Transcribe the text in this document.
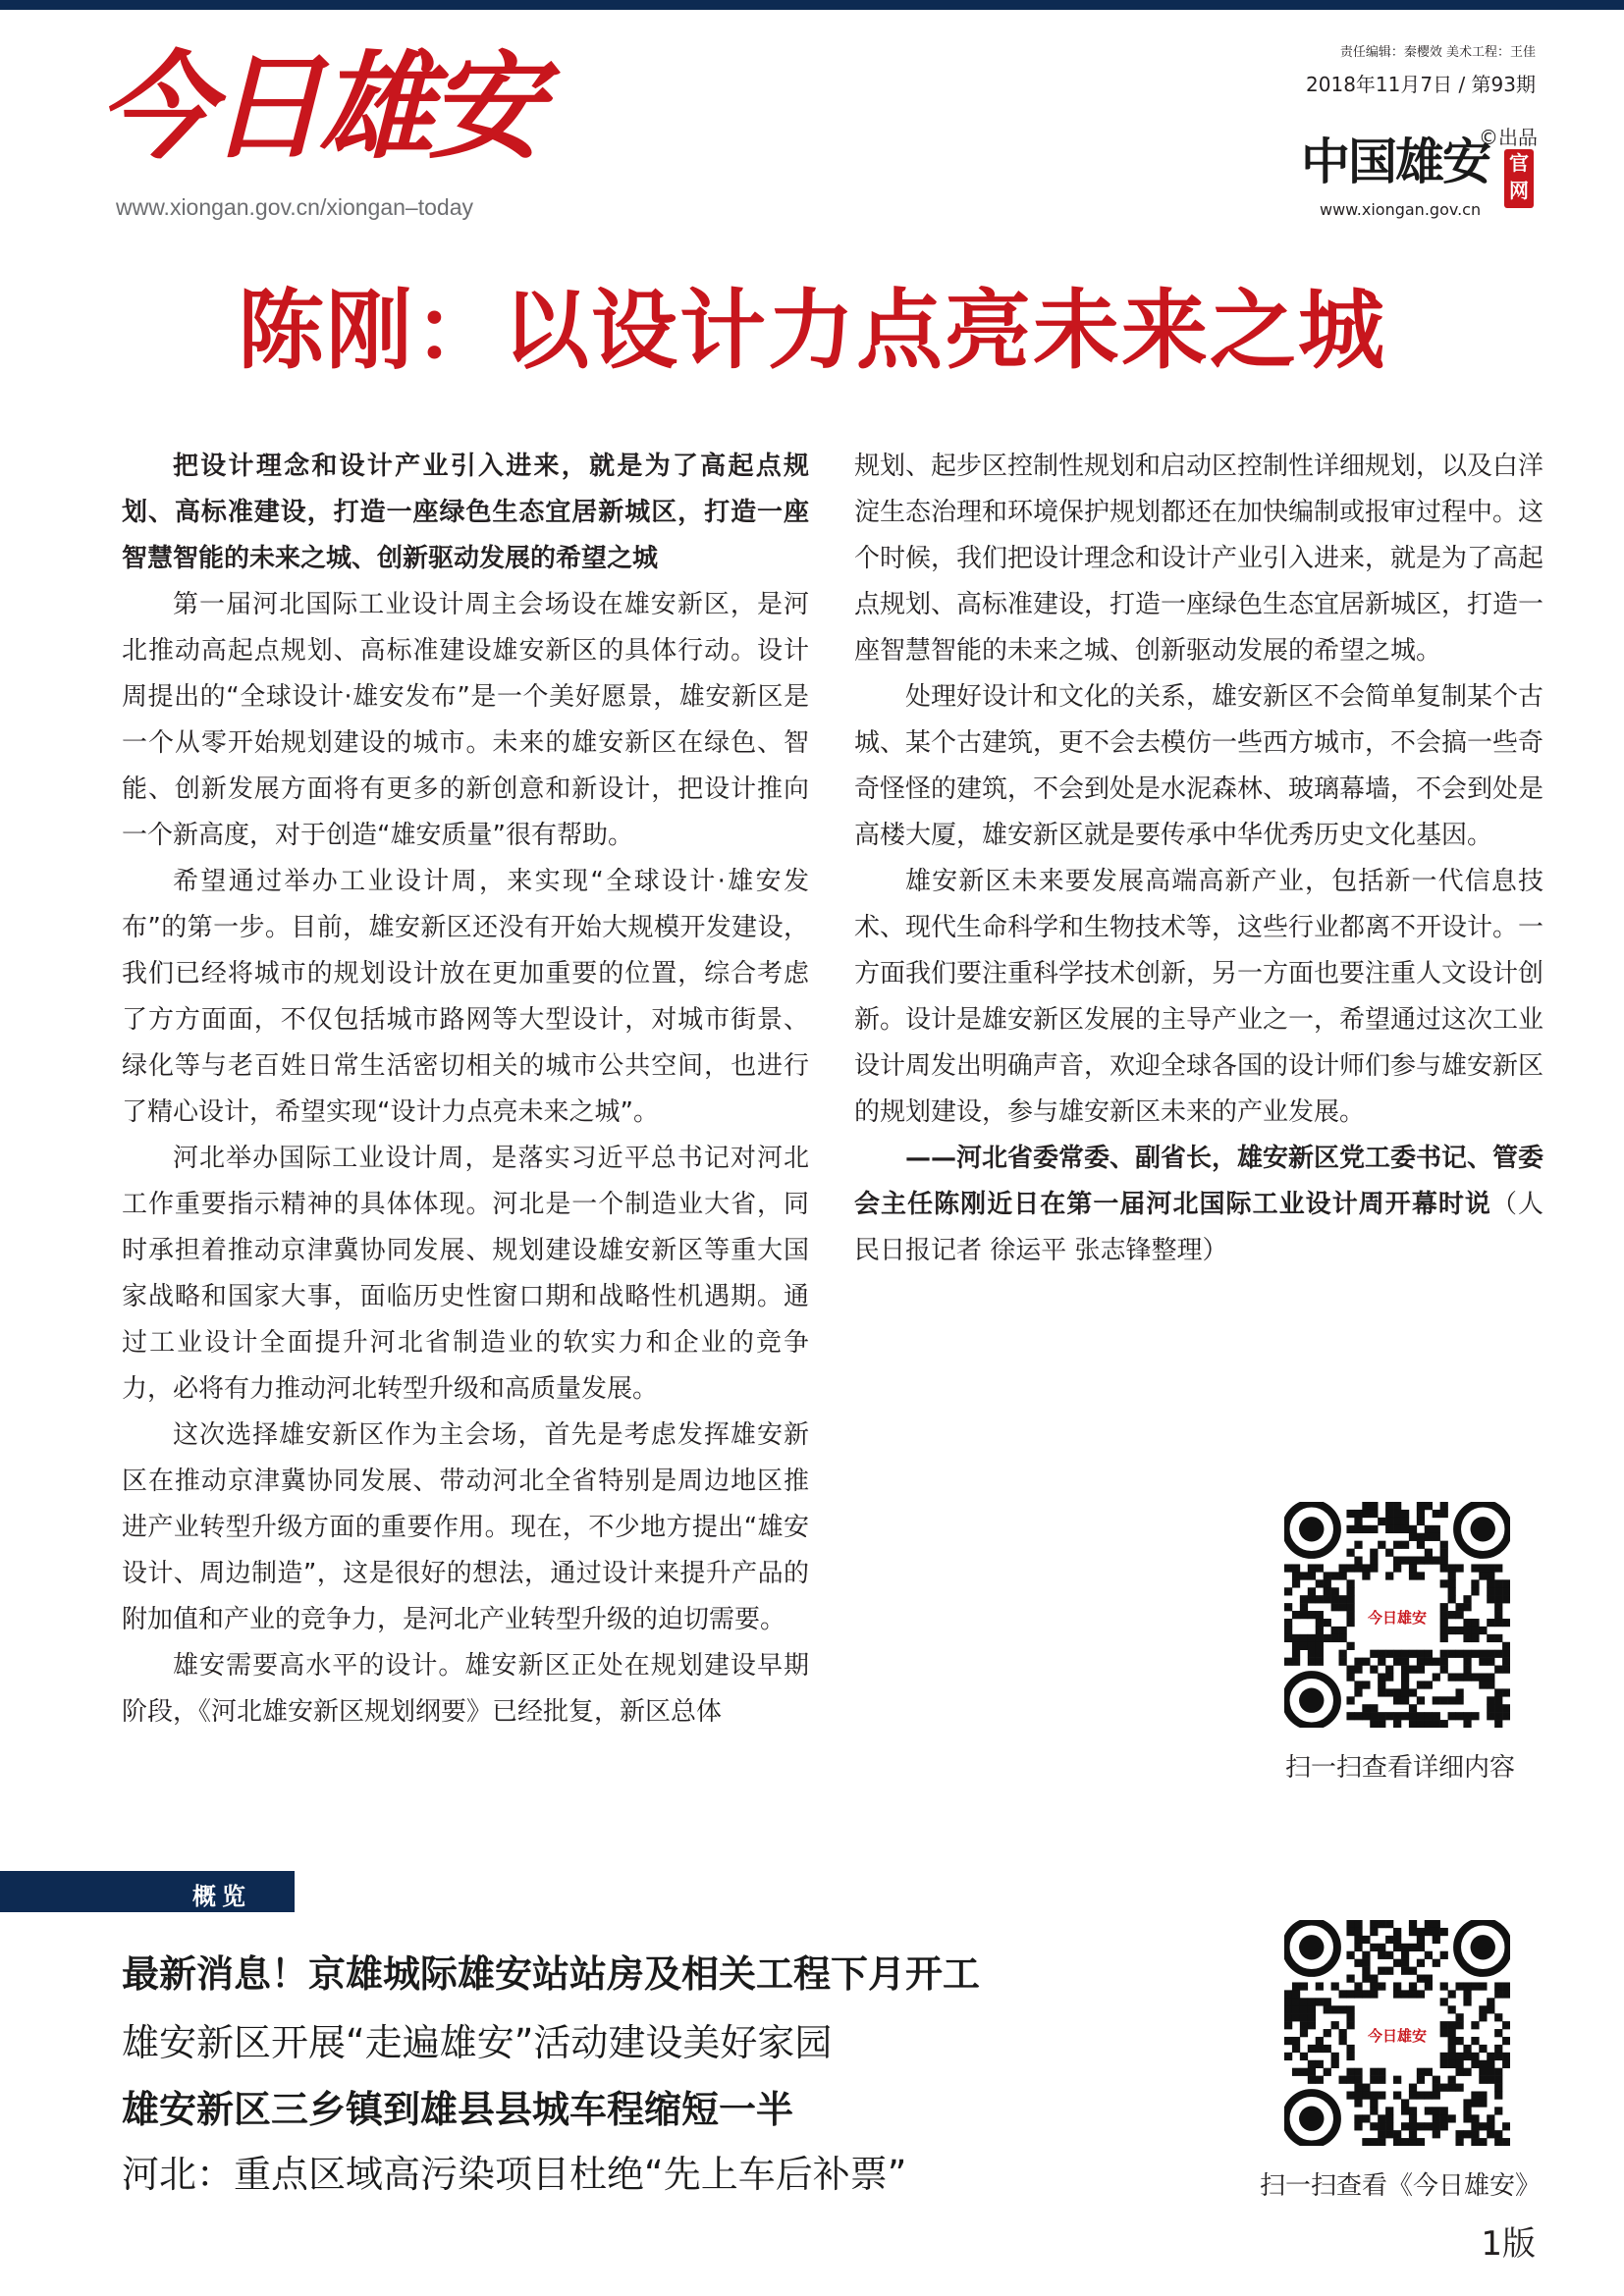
今日雄安
www.xiongan.gov.cn/xiongan–today
责任编辑：秦樱效 美术工程：王佳
2018年11月7日 / 第93期
©出品
中国雄安 官网
www.xiongan.gov.cn
陈刚：以设计力点亮未来之城

把设计理念和设计产业引入进来，就是为了高起点规划、高标准建设，打造一座绿色生态宜居新城区，打造一座智慧智能的未来之城、创新驱动发展的希望之城

第一届河北国际工业设计周主会场设在雄安新区，是河北推动高起点规划、高标准建设雄安新区的具体行动。设计周提出的“全球设计·雄安发布”是一个美好愿景，雄安新区是一个从零开始规划建设的城市。未来的雄安新区在绿色、智能、创新发展方面将有更多的新创意和新设计，把设计推向一个新高度，对于创造“雄安质量”很有帮助。

希望通过举办工业设计周，来实现“全球设计·雄安发布”的第一步。目前，雄安新区还没有开始大规模开发建设，我们已经将城市的规划设计放在更加重要的位置，综合考虑了方方面面，不仅包括城市路网等大型设计，对城市街景、绿化等与老百姓日常生活密切相关的城市公共空间，也进行了精心设计，希望实现“设计力点亮未来之城”。

河北举办国际工业设计周，是落实习近平总书记对河北工作重要指示精神的具体体现。河北是一个制造业大省，同时承担着推动京津冀协同发展、规划建设雄安新区等重大国家战略和国家大事，面临历史性窗口期和战略性机遇期。通过工业设计全面提升河北省制造业的软实力和企业的竞争力，必将有力推动河北转型升级和高质量发展。

这次选择雄安新区作为主会场，首先是考虑发挥雄安新区在推动京津冀协同发展、带动河北全省特别是周边地区推进产业转型升级方面的重要作用。现在，不少地方提出“雄安设计、周边制造”，这是很好的想法，通过设计来提升产品的附加值和产业的竞争力，是河北产业转型升级的迫切需要。

雄安需要高水平的设计。雄安新区正处在规划建设早期阶段，《河北雄安新区规划纲要》已经批复，新区总体

规划、起步区控制性规划和启动区控制性详细规划，以及白洋淀生态治理和环境保护规划都还在加快编制或报审过程中。这个时候，我们把设计理念和设计产业引入进来，就是为了高起点规划、高标准建设，打造一座绿色生态宜居新城区，打造一座智慧智能的未来之城、创新驱动发展的希望之城。

处理好设计和文化的关系，雄安新区不会简单复制某个古城、某个古建筑，更不会去模仿一些西方城市，不会搞一些奇奇怪怪的建筑，不会到处是水泥森林、玻璃幕墙，不会到处是高楼大厦，雄安新区就是要传承中华优秀历史文化基因。

雄安新区未来要发展高端高新产业，包括新一代信息技术、现代生命科学和生物技术等，这些行业都离不开设计。一方面我们要注重科学技术创新，另一方面也要注重人文设计创新。设计是雄安新区发展的主导产业之一，希望通过这次工业设计周发出明确声音，欢迎全球各国的设计师们参与雄安新区的规划建设，参与雄安新区未来的产业发展。

——河北省委常委、副省长，雄安新区党工委书记、管委会主任陈刚近日在第一届河北国际工业设计周开幕时说（人民日报记者 徐运平 张志锋整理）

今日雄安
扫一扫查看详细内容
概览
最新消息！京雄城际雄安站站房及相关工程下月开工
雄安新区开展“走遍雄安”活动建设美好家园
雄安新区三乡镇到雄县县城车程缩短一半
河北：重点区域高污染项目杜绝“先上车后补票”
今日雄安
扫一扫查看《今日雄安》
1版
